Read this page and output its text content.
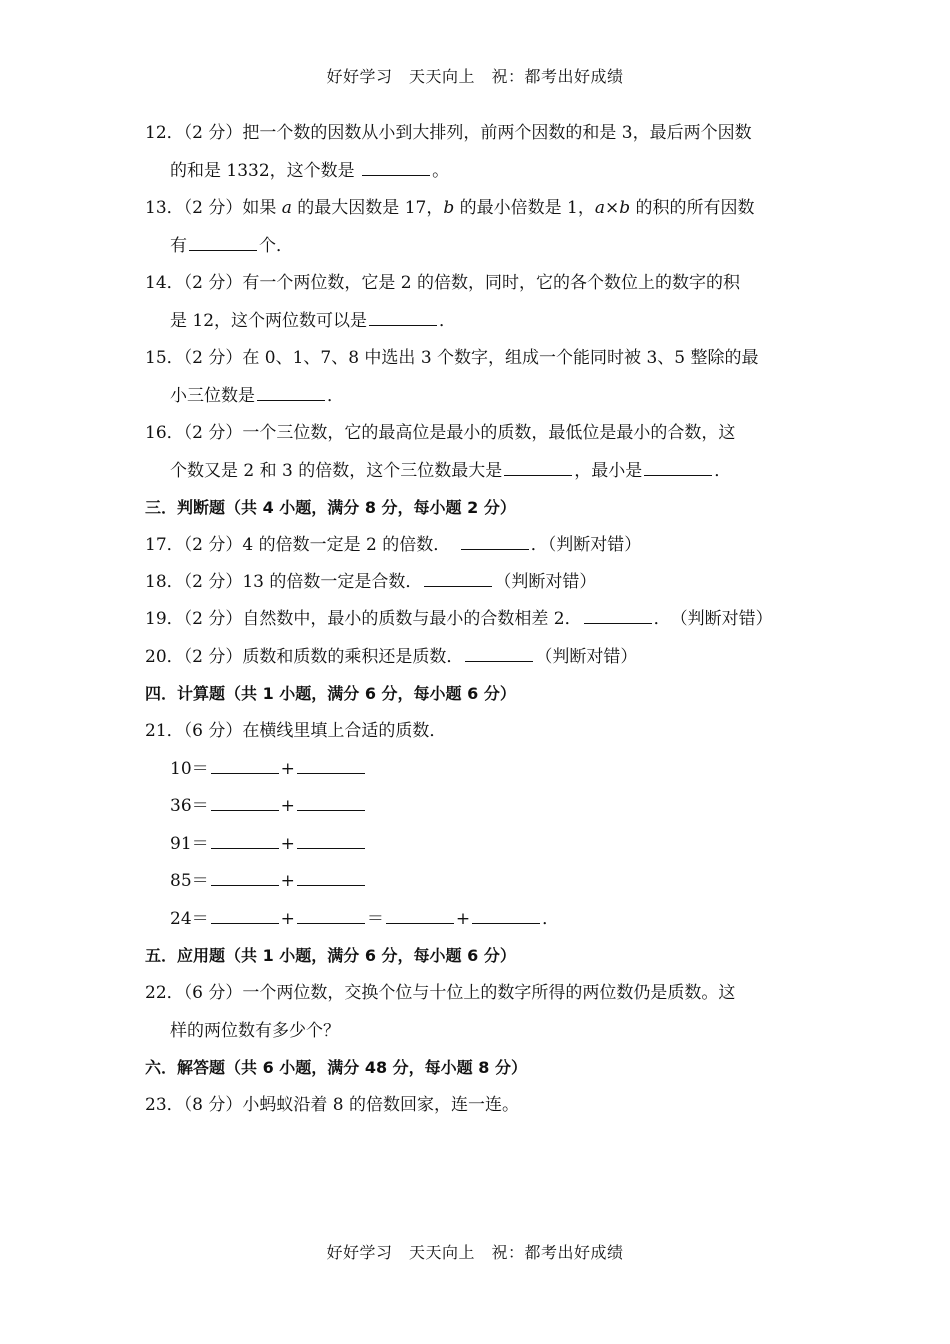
好好学习　天天向上　祝：都考出好成绩
12．（2 分）把一个数的因数从小到大排列，前两个因数的和是 3，最后两个因数
的和是 1332，这个数是	。
13．（2 分）如果 a 的最大因数是 17，b 的最小倍数是 1，a×b 的积的所有因数
有	个．
14．（2 分）有一个两位数，它是 2 的倍数，同时，它的各个数位上的数字的积
是 12，这个两位数可以是	．
15．（2 分）在 0、1、7、8 中选出 3 个数字，组成一个能同时被 3、5 整除的最
小三位数是	．
16．（2 分）一个三位数，它的最高位是最小的质数，最低位是最小的合数，这
个数又是 2 和 3 的倍数，这个三位数最大是	，最小是	．
三．判断题（共 4 小题，满分 8 分，每小题 2 分）
17．（2 分）4 的倍数一定是 2 的倍数．　	．（判断对错）
18．（2 分）13 的倍数一定是合数．	（判断对错）
19．（2 分）自然数中，最小的质数与最小的合数相差 2．	．　（判断对错）
20．（2 分）质数和质数的乘积还是质数．	（判断对错）
四．计算题（共 1 小题，满分 6 分，每小题 6 分）
21．（6 分）在横线里填上合适的质数．
10＝	+
36＝	+
91＝	+
85＝	+
24＝	+	＝	+	．
五．应用题（共 1 小题，满分 6 分，每小题 6 分）
22．（6 分）一个两位数，交换个位与十位上的数字所得的两位数仍是质数。这
样的两位数有多少个？
六．解答题（共 6 小题，满分 48 分，每小题 8 分）
23．（8 分）小蚂蚁沿着 8 的倍数回家，连一连。
好好学习　天天向上　祝：都考出好成绩
